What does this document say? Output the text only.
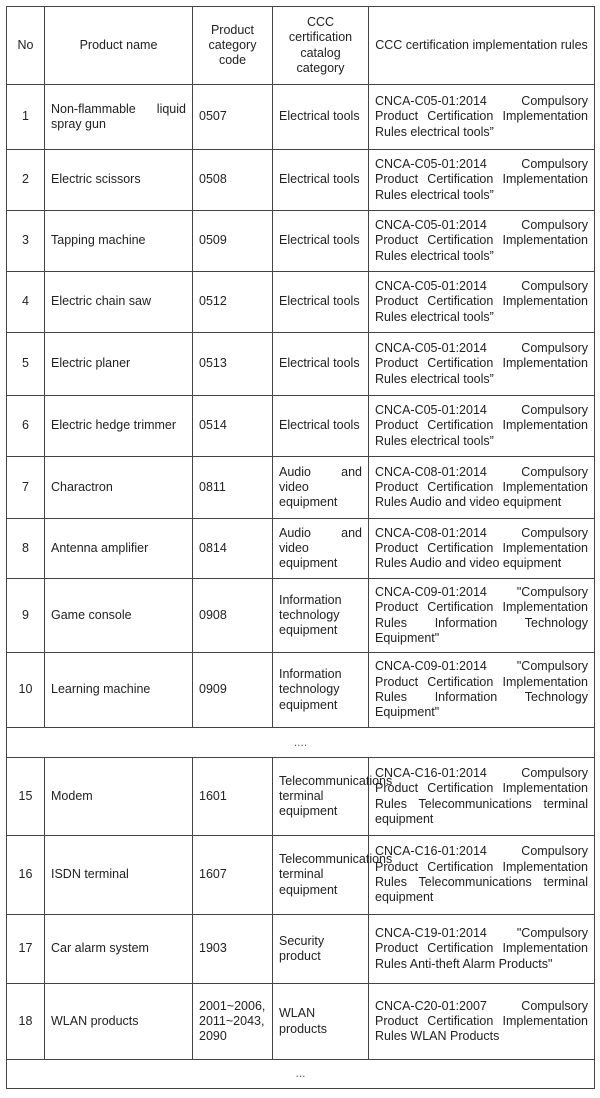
No	Product name	Product category code	CCC certification catalog category	CCC certification implementation rules
1	Non-flammable liquid spray gun	0507	Electrical tools	CNCA-C05-01:2014 Compulsory Product Certification Implementation Rules electrical tools”
2	Electric scissors	0508	Electrical tools	CNCA-C05-01:2014 Compulsory Product Certification Implementation Rules electrical tools”
3	Tapping machine	0509	Electrical tools	CNCA-C05-01:2014 Compulsory Product Certification Implementation Rules electrical tools”
4	Electric chain saw	0512	Electrical tools	CNCA-C05-01:2014 Compulsory Product Certification Implementation Rules electrical tools”
5	Electric planer	0513	Electrical tools	CNCA-C05-01:2014 Compulsory Product Certification Implementation Rules electrical tools”
6	Electric hedge trimmer	0514	Electrical tools	CNCA-C05-01:2014 Compulsory Product Certification Implementation Rules electrical tools”
7	Charactron	0811	Audio and video equipment	CNCA-C08-01:2014 Compulsory Product Certification Implementation Rules Audio and video equipment
8	Antenna amplifier	0814	Audio and video equipment	CNCA-C08-01:2014 Compulsory Product Certification Implementation Rules Audio and video equipment
9	Game console	0908	Information technology equipment	CNCA-C09-01:2014 "Compulsory Product Certification Implementation Rules Information Technology Equipment"
10	Learning machine	0909	Information technology equipment	CNCA-C09-01:2014 "Compulsory Product Certification Implementation Rules Information Technology Equipment"
....				
15	Modem	1601	Telecommunications terminal equipment	CNCA-C16-01:2014 Compulsory Product Certification Implementation Rules Telecommunications terminal equipment
16	ISDN terminal	1607	Telecommunications terminal equipment	CNCA-C16-01:2014 Compulsory Product Certification Implementation Rules Telecommunications terminal equipment
17	Car alarm system	1903	Security product	CNCA-C19-01:2014 "Compulsory Product Certification Implementation Rules Anti-theft Alarm Products"
18	WLAN products	2001~2006, 2011~2043, 2090	WLAN products	CNCA-C20-01:2007 Compulsory Product Certification Implementation Rules WLAN Products
...				
